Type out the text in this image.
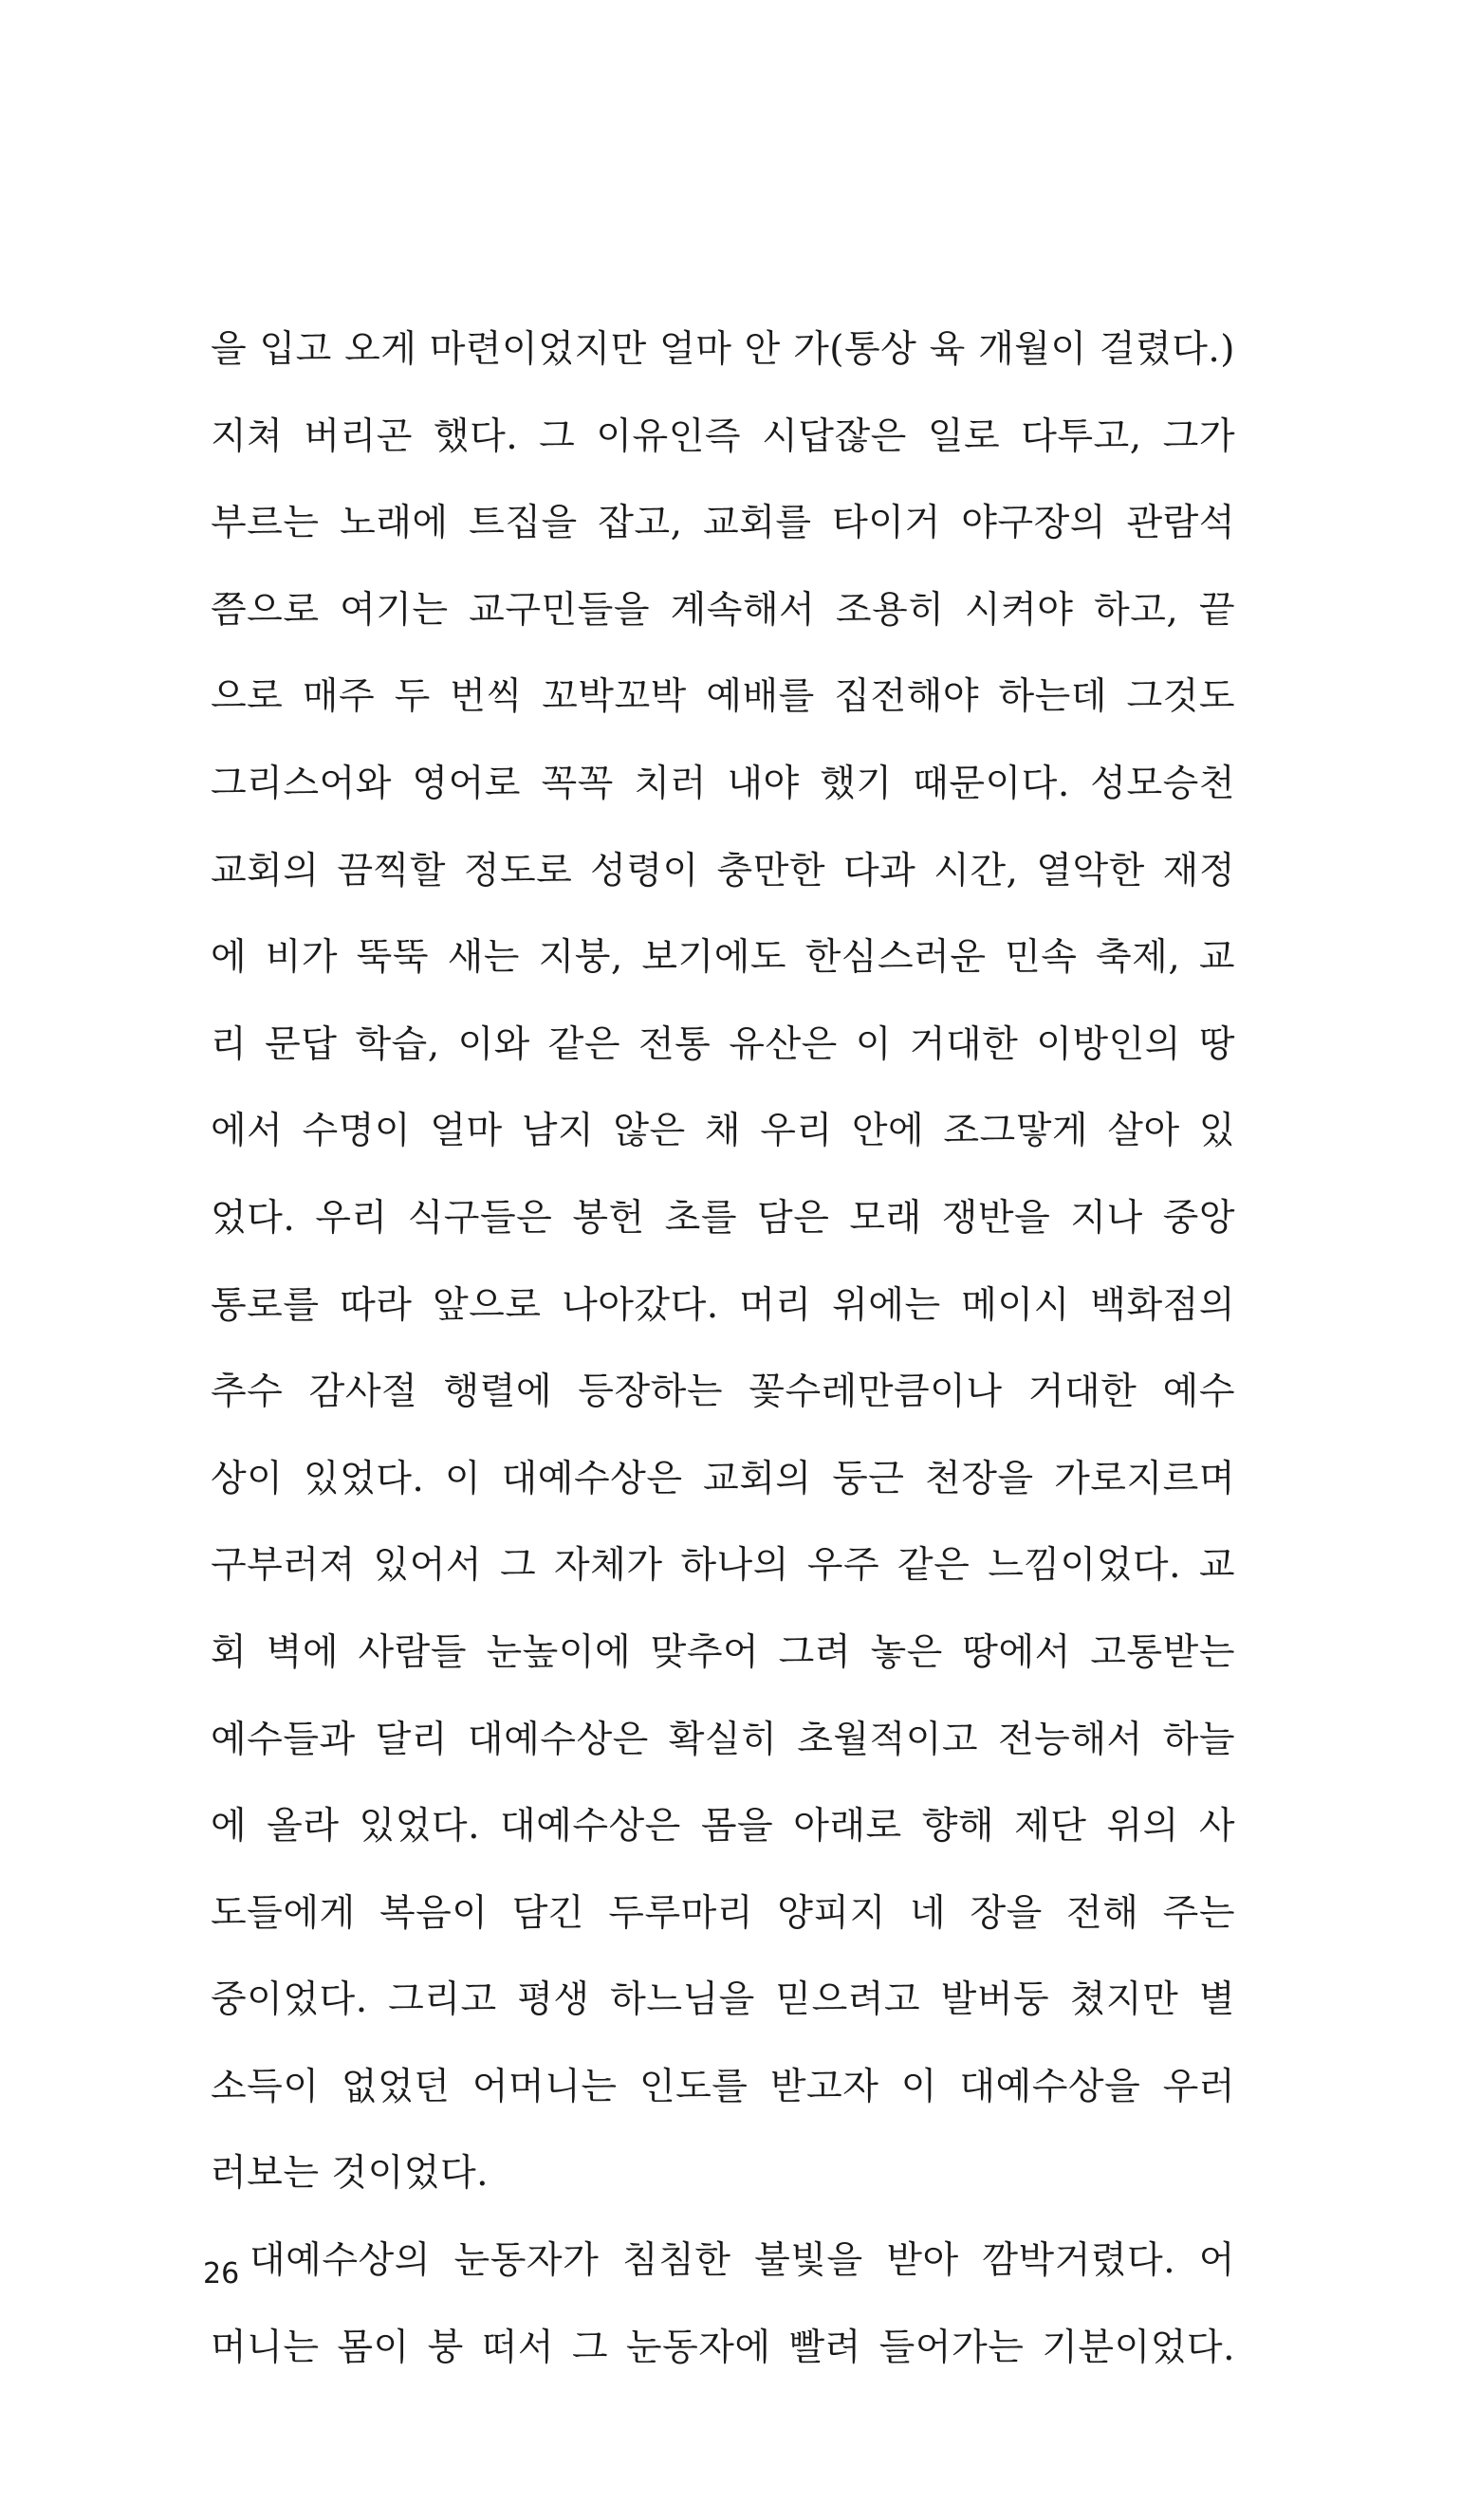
을 입고 오게 마련이었지만 얼마 안 가(통상 육 개월이 걸렸다.)
지쳐 버리곤 했다. 그 이유인즉 시답잖은 일로 다투고, 그가
부르는 노래에 트집을 잡고, 교회를 타이거 야구장의 관람석
쯤으로 여기는 교구민들을 계속해서 조용히 시켜야 하고, 끝
으로 매주 두 번씩 꼬박꼬박 예배를 집전해야 하는데 그것도
그리스어와 영어로 꼭꼭 치러 내야 했기 때문이다. 성모승천
교회의 끔찍할 정도로 성령이 충만한 다과 시간, 열악한 재정
에 비가 뚝뚝 새는 지붕, 보기에도 한심스러운 민속 축제, 교
리 문답 학습, 이와 같은 전통 유산은 이 거대한 이방인의 땅
에서 수명이 얼마 남지 않은 채 우리 안에 조그맣게 살아 있
었다. 우리 식구들은 봉헌 초를 담은 모래 쟁반을 지나 중앙
통로를 따라 앞으로 나아갔다. 머리 위에는 메이시 백화점의
추수 감사절 행렬에 등장하는 꽃수레만큼이나 거대한 예수
상이 있었다. 이 대예수상은 교회의 둥근 천장을 가로지르며
구부러져 있어서 그 자체가 하나의 우주 같은 느낌이었다. 교
회 벽에 사람들 눈높이에 맞추어 그려 놓은 땅에서 고통받는
예수들과 달리 대예수상은 확실히 초월적이고 전능해서 하늘
에 올라 있었다. 대예수상은 몸을 아래로 향해 제단 위의 사
도들에게 복음이 담긴 두루마리 양피지 네 장을 전해 주는
중이었다. 그리고 평생 하느님을 믿으려고 발버둥 쳤지만 별
소득이 없었던 어머니는 인도를 받고자 이 대예수상을 우러
러보는 것이었다.
대예수상의 눈동자가 침침한 불빛을 받아 깜박거렸다. 어
머니는 몸이 붕 떠서 그 눈동자에 빨려 들어가는 기분이었다.
26
